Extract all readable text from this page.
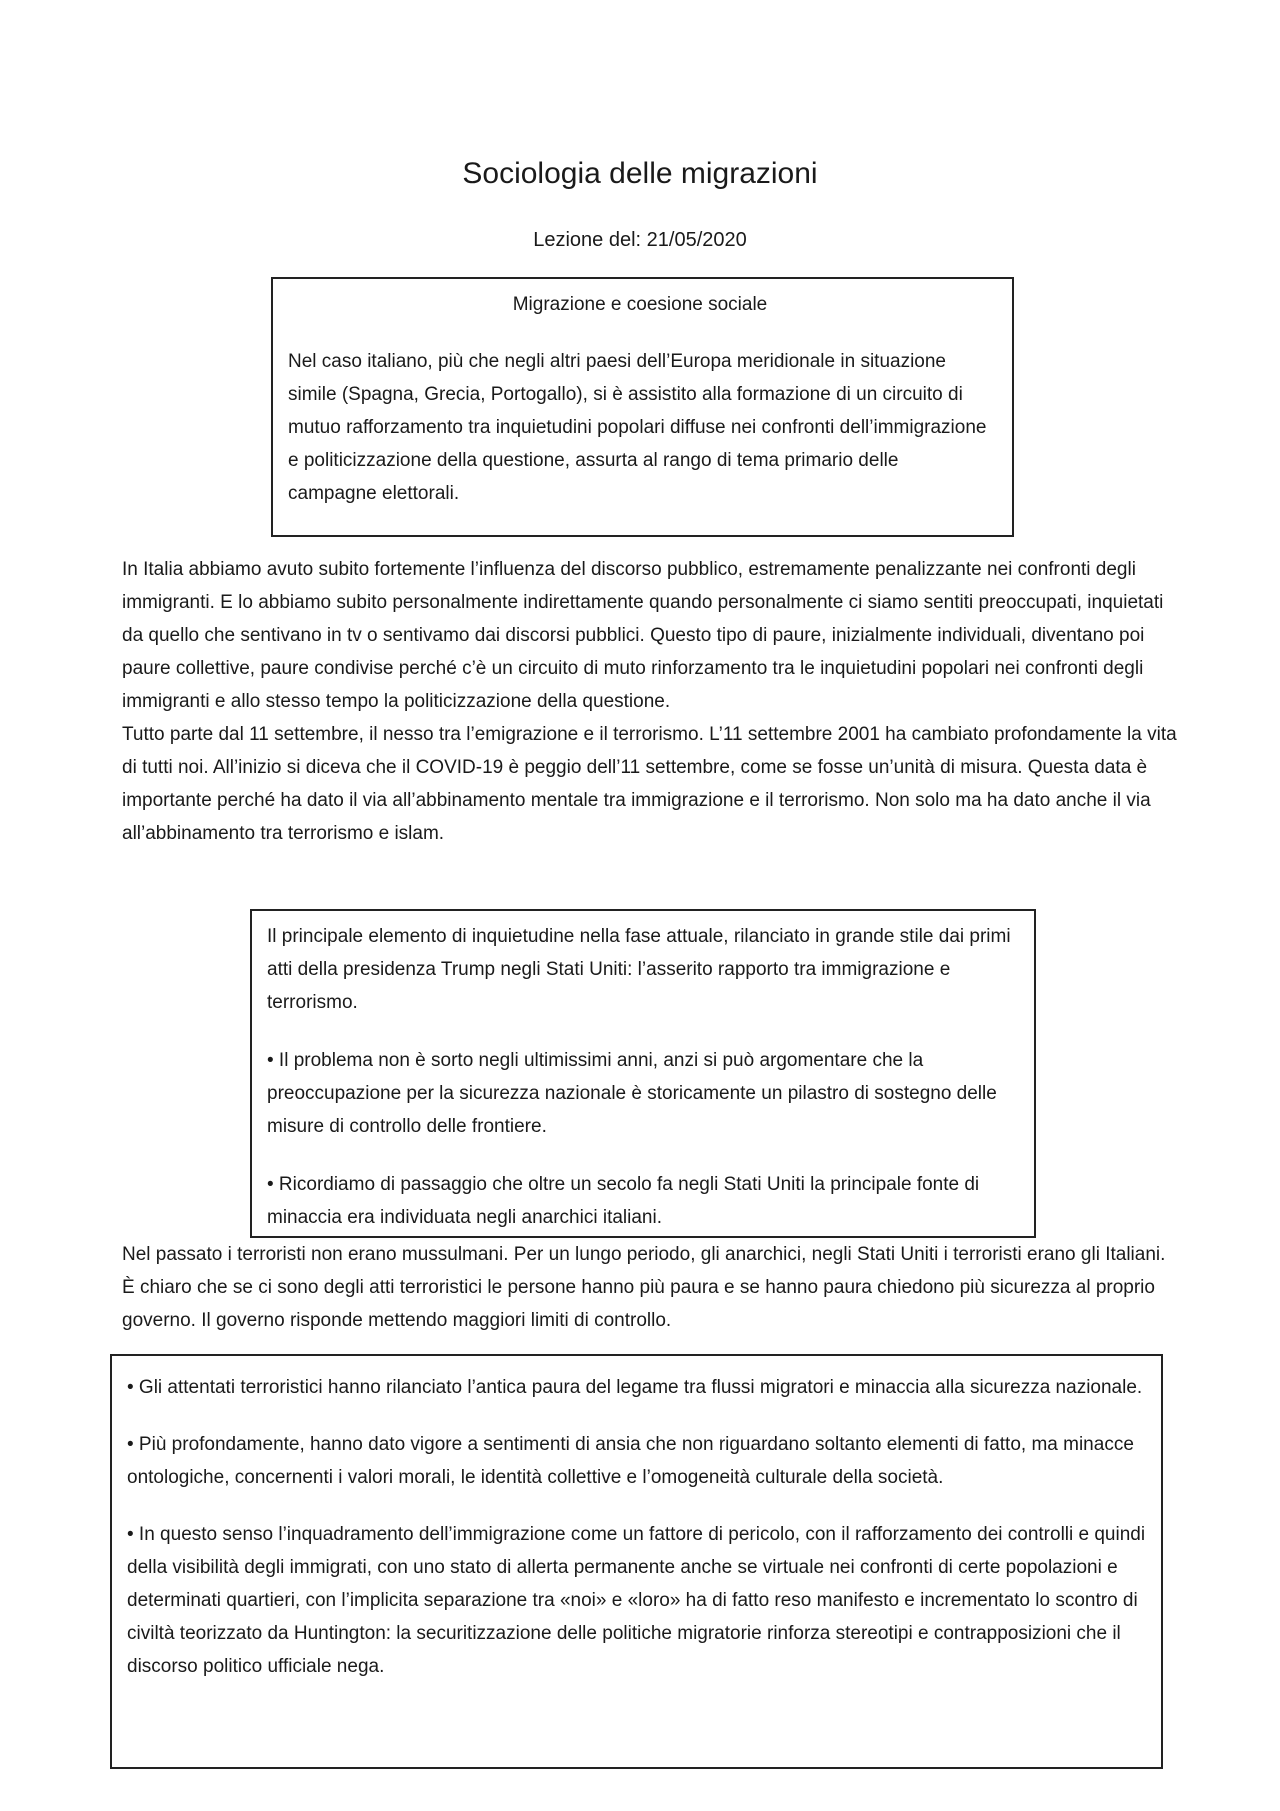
Sociologia delle migrazioni
Lezione del: 21/05/2020

Migrazione e coesione sociale

Nel caso italiano, più che negli altri paesi dell’Europa meridionale in situazione simile (Spagna, Grecia, Portogallo), si è assistito alla formazione di un circuito di mutuo rafforzamento tra inquietudini popolari diffuse nei confronti dell’immigrazione e politicizzazione della questione, assurta al rango di tema primario delle campagne elettorali.

In Italia abbiamo avuto subito fortemente l’influenza del discorso pubblico, estremamente penalizzante nei confronti degli immigranti. E lo abbiamo subito personalmente indirettamente quando personalmente ci siamo sentiti preoccupati, inquietati da quello che sentivano in tv o sentivamo dai discorsi pubblici. Questo tipo di paure, inizialmente individuali, diventano poi paure collettive, paure condivise perché c’è un circuito di muto rinforzamento tra le inquietudini popolari nei confronti degli immigranti e allo stesso tempo la politicizzazione della questione.

Tutto parte dal 11 settembre, il nesso tra l’emigrazione e il terrorismo. L’11 settembre 2001 ha cambiato profondamente la vita di tutti noi. All’inizio si diceva che il COVID-19 è peggio dell’11 settembre, come se fosse un’unità di misura. Questa data è importante perché ha dato il via all’abbinamento mentale tra immigrazione e il terrorismo. Non solo ma ha dato anche il via all’abbinamento tra terrorismo e islam.

Il principale elemento di inquietudine nella fase attuale, rilanciato in grande stile dai primi atti della presidenza Trump negli Stati Uniti: l’asserito rapporto tra immigrazione e terrorismo.

• Il problema non è sorto negli ultimissimi anni, anzi si può argomentare che la preoccupazione per la sicurezza nazionale è storicamente un pilastro di sostegno delle misure di controllo delle frontiere.

• Ricordiamo di passaggio che oltre un secolo fa negli Stati Uniti la principale fonte di minaccia era individuata negli anarchici italiani.

Nel passato i terroristi non erano mussulmani. Per un lungo periodo, gli anarchici, negli Stati Uniti i terroristi erano gli Italiani. È chiaro che se ci sono degli atti terroristici le persone hanno più paura e se hanno paura chiedono più sicurezza al proprio governo. Il governo risponde mettendo maggiori limiti di controllo.

• Gli attentati terroristici hanno rilanciato l’antica paura del legame tra flussi migratori e minaccia alla sicurezza nazionale.

• Più profondamente, hanno dato vigore a sentimenti di ansia che non riguardano soltanto elementi di fatto, ma minacce ontologiche, concernenti i valori morali, le identità collettive e l’omogeneità culturale della società.

• In questo senso l’inquadramento dell’immigrazione come un fattore di pericolo, con il rafforzamento dei controlli e quindi della visibilità degli immigrati, con uno stato di allerta permanente anche se virtuale nei confronti di certe popolazioni e determinati quartieri, con l’implicita separazione tra «noi» e «loro» ha di fatto reso manifesto e incrementato lo scontro di civiltà teorizzato da Huntington: la securitizzazione delle politiche migratorie rinforza stereotipi e contrapposizioni che il discorso politico ufficiale nega.
